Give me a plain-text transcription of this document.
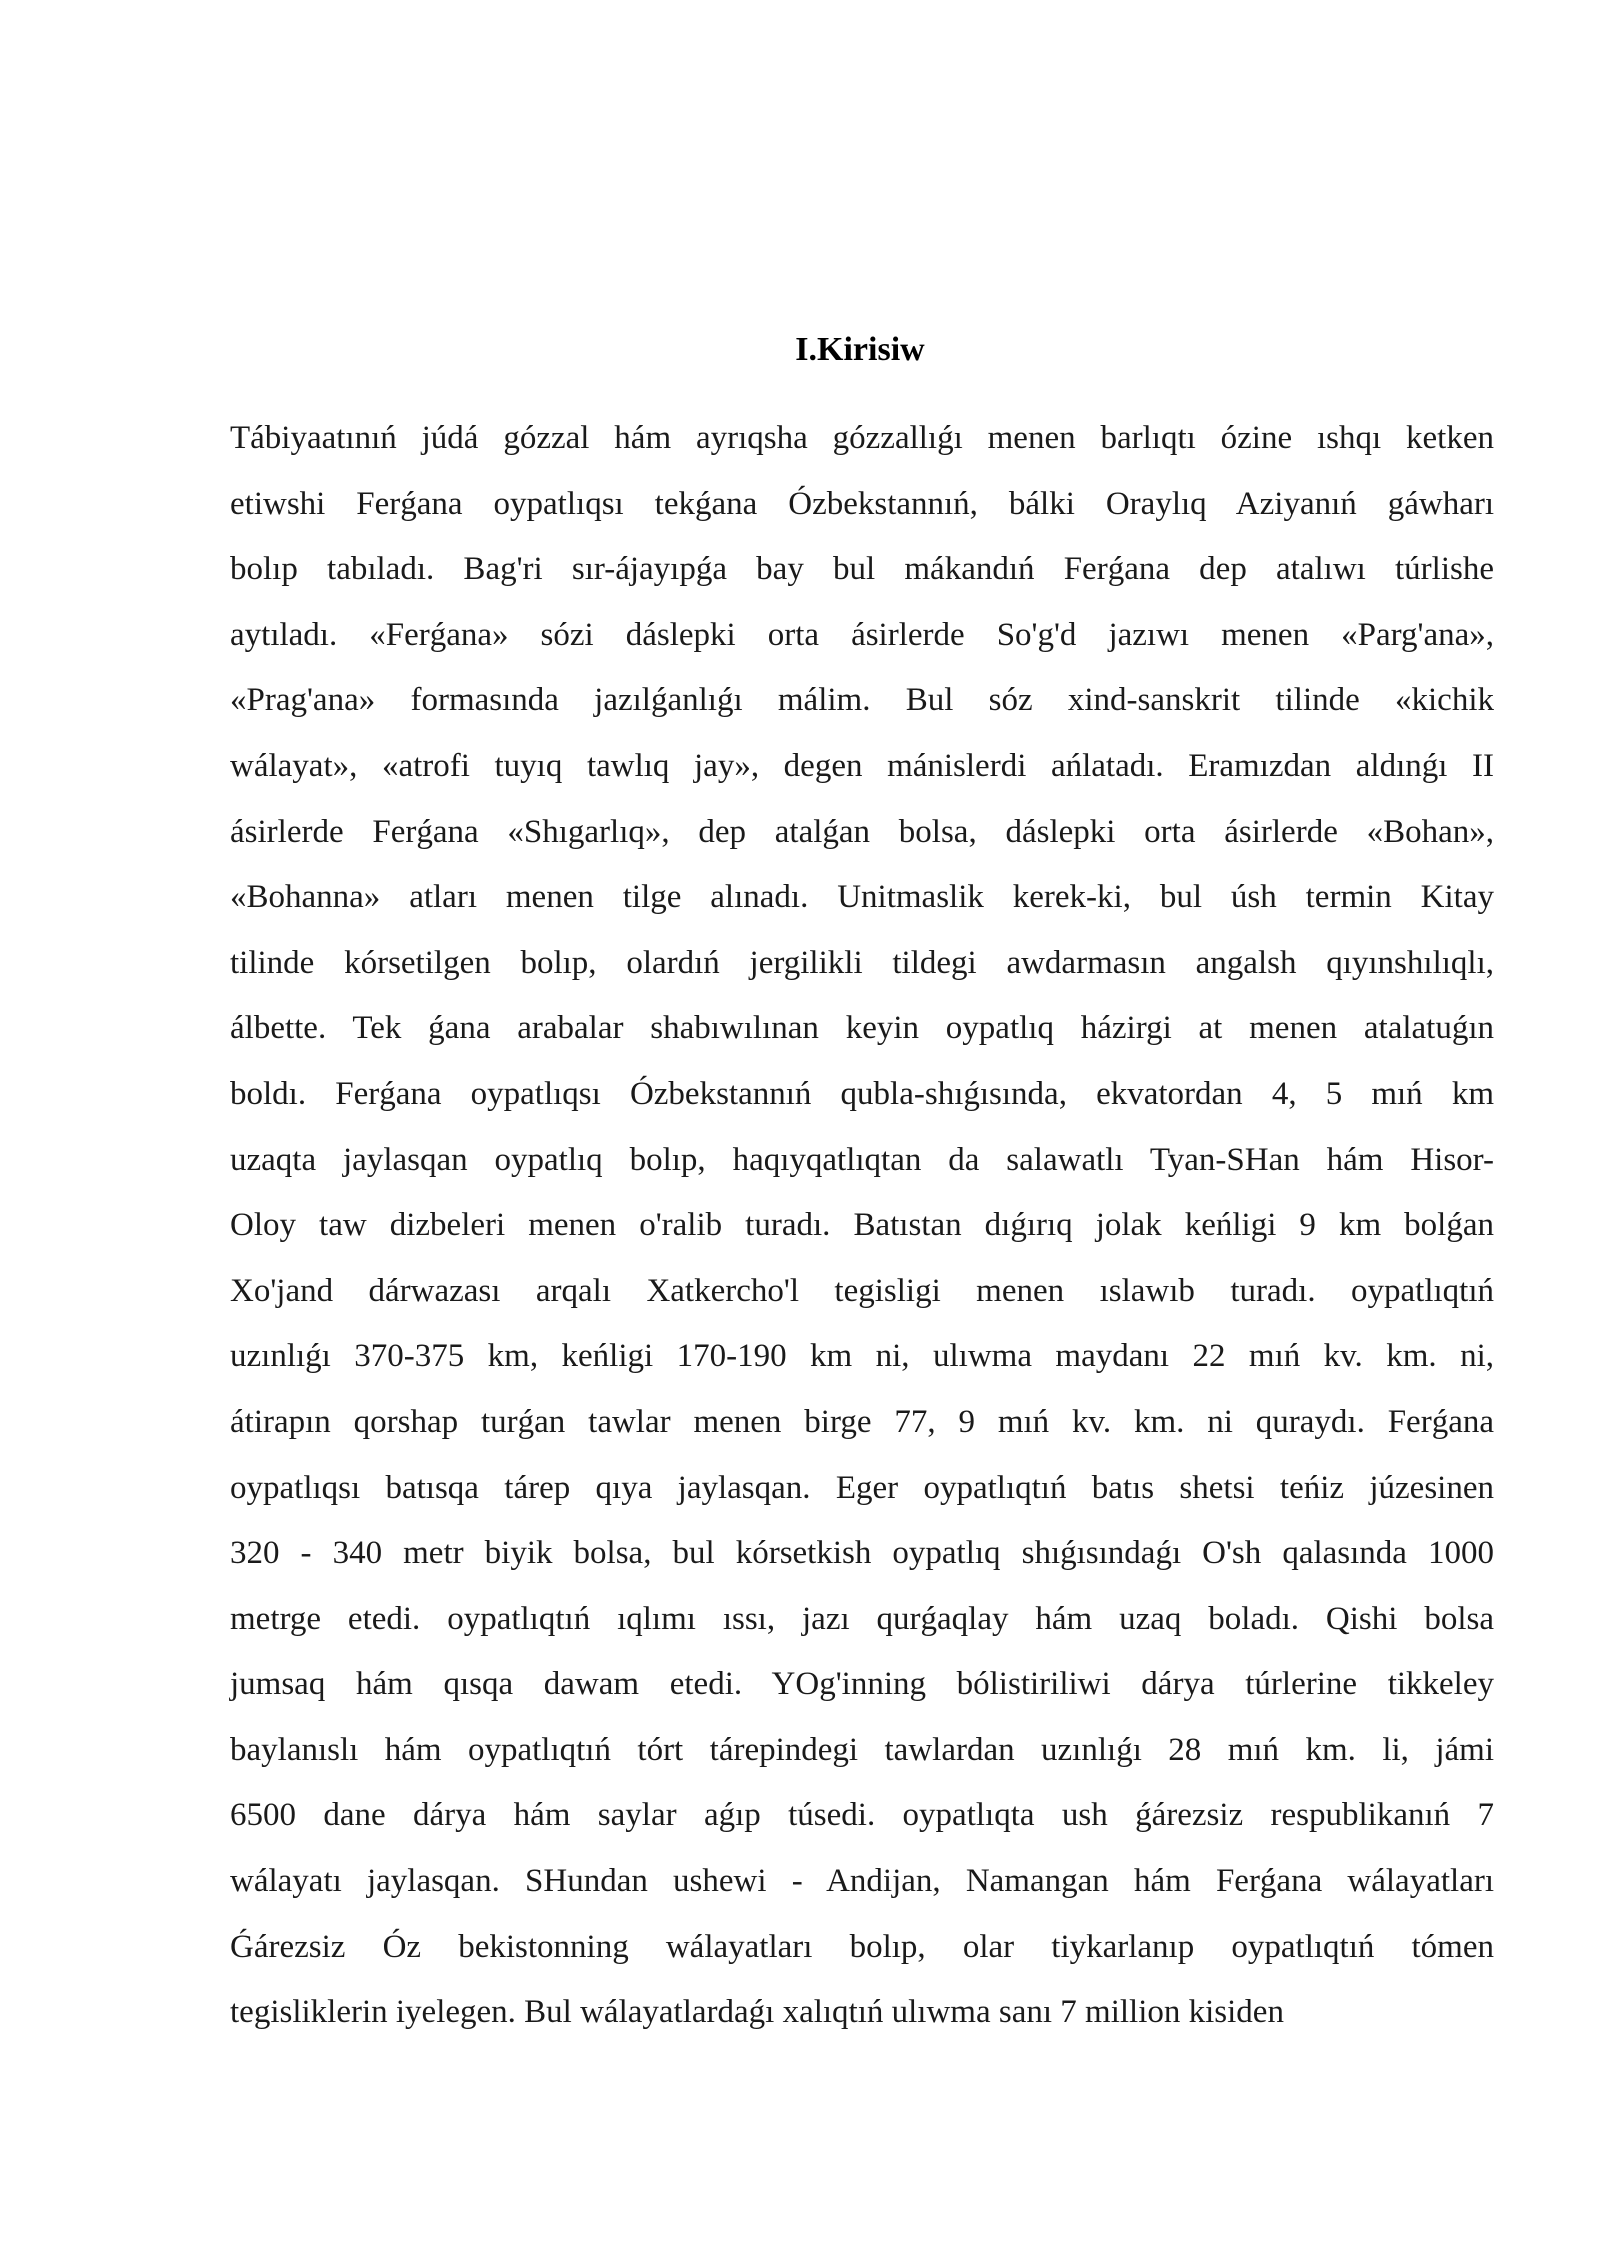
I.Kirisiw
Tábiyaatınıń júdá gózzal hám ayrıqsha gózzallıǵı menen barlıqtı ózine ıshqı ketken
etiwshi Ferǵana oypatlıqsı tekǵana Ózbekstannıń, bálki Oraylıq Aziyanıń gáwharı
bolıp tabıladı. Bag'ri sır-ájayıpǵa bay bul mákandıń Ferǵana dep atalıwı túrlishe
aytıladı. «Ferǵana» sózi dáslepki orta ásirlerde So'g'd jazıwı menen «Parg'ana»,
«Prag'ana» formasında jazılǵanlıǵı málim. Bul sóz xind-sanskrit tilinde «kichik
wálayat», «atrofi tuyıq tawlıq jay», degen mánislerdi ańlatadı. Eramızdan aldınǵı II
ásirlerde Ferǵana «Shıgarlıq», dep atalǵan bolsa, dáslepki orta ásirlerde «Bohan»,
«Bohanna» atları menen tilge alınadı. Unitmaslik kerek-ki, bul úsh termin Kitay
tilinde kórsetilgen bolıp, olardıń jergilikli tildegi awdarmasın angalsh qıyınshılıqlı,
álbette. Tek ǵana arabalar shabıwılınan keyin oypatlıq házirgi at menen atalatuǵın
boldı. Ferǵana oypatlıqsı Ózbekstannıń qubla-shıǵısında, ekvatordan 4, 5 mıń km
uzaqta jaylasqan oypatlıq bolıp, haqıyqatlıqtan da salawatlı Tyan-SHan hám Hisor-
Oloy taw dizbeleri menen o'ralib turadı. Batıstan dıǵırıq jolak keńligi 9 km bolǵan
Xo'jand dárwazası arqalı Xatkercho'l tegisligi menen ıslawıb turadı. oypatlıqtıń
uzınlıǵı 370-375 km, keńligi 170-190 km ni, ulıwma maydanı 22 mıń kv. km. ni,
átirapın qorshap turǵan tawlar menen birge 77, 9 mıń kv. km. ni quraydı. Ferǵana
oypatlıqsı batısqa tárep qıya jaylasqan. Eger oypatlıqtıń batıs shetsi teńiz júzesinen
320 - 340 metr biyik bolsa, bul kórsetkish oypatlıq shıǵısındaǵı O'sh qalasında 1000
metrge etedi. oypatlıqtıń ıqlımı ıssı, jazı qurǵaqlay hám uzaq boladı. Qishi bolsa
jumsaq hám qısqa dawam etedi. YOg'inning bólistiriliwi dárya túrlerine tikkeley
baylanıslı hám oypatlıqtıń tórt tárepindegi tawlardan uzınlıǵı 28 mıń km. li, jámi
6500 dane dárya hám saylar aǵıp túsedi. oypatlıqta ush ǵárezsiz respublikanıń 7
wálayatı jaylasqan. SHundan ushewi - Andijan, Namangan hám Ferǵana wálayatları
Ǵárezsiz Óz bekistonning wálayatları bolıp, olar tiykarlanıp oypatlıqtıń tómen
tegisliklerin iyelegen. Bul wálayatlardaǵı xalıqtıń ulıwma sanı 7 million kisiden
